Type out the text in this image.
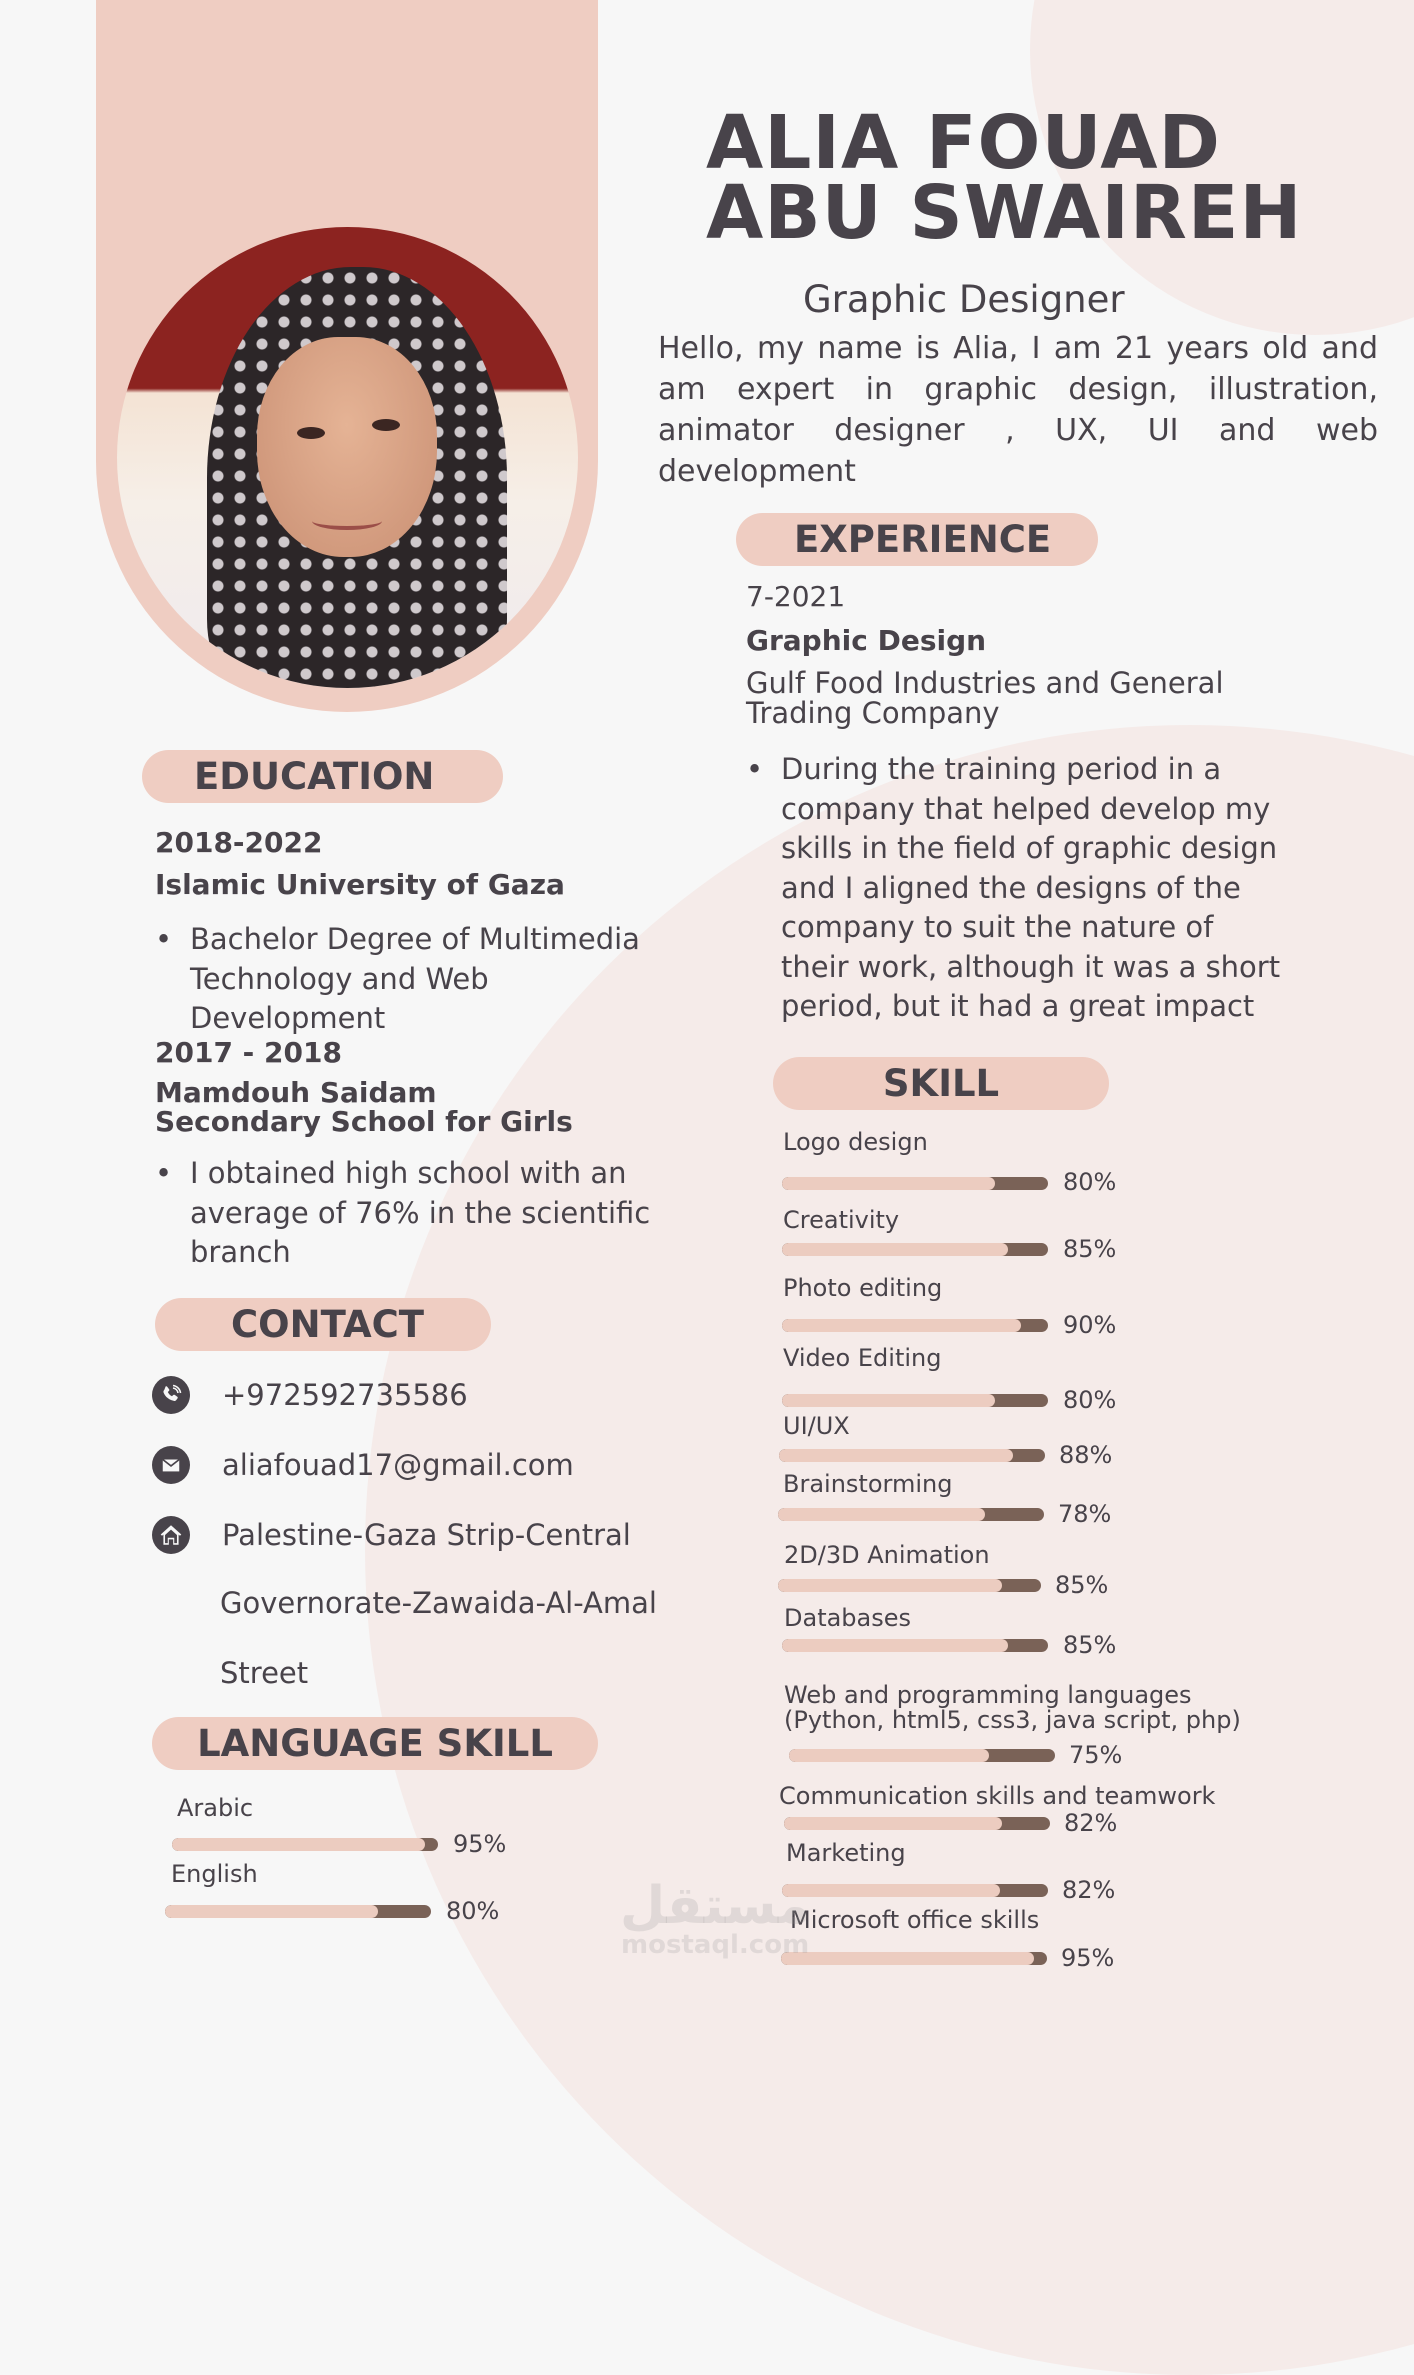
ALIA FOUAD
ABU SWAIREH
Graphic Designer
Hello, my name is Alia, I am 21 years old and am expert in graphic design, illustration, animator designer , UX, UI and web development
EXPERIENCE
7-2021
Graphic Design
Gulf Food Industries and General Trading Company
• During the training period in a company that helped develop my skills in the field of graphic design and I aligned the designs of the company to suit the nature of their work, although it was a short period, but it had a great impact
SKILL
Logo design
80%
Creativity
85%
Photo editing
90%
Video Editing
80%
UI/UX
88%
Brainstorming
78%
2D/3D Animation
85%
Databases
85%
Web and programming languages
(Python, html5, css3, java script, php)
75%
Communication skills and teamwork
82%
Marketing
82%
Microsoft office skills
95%
EDUCATION
2018-2022
Islamic University of Gaza
• Bachelor Degree of Multimedia Technology and Web Development
2017 - 2018
Mamdouh Saidam Secondary School for Girls
• I obtained high school with an average of 76% in the scientific branch
CONTACT
+972592735586
aliafouad17@gmail.com
Palestine-Gaza Strip-Central
Governorate-Zawaida-Al-Amal
Street
LANGUAGE SKILL
Arabic
95%
English
80% مستقل
mostaql.com
